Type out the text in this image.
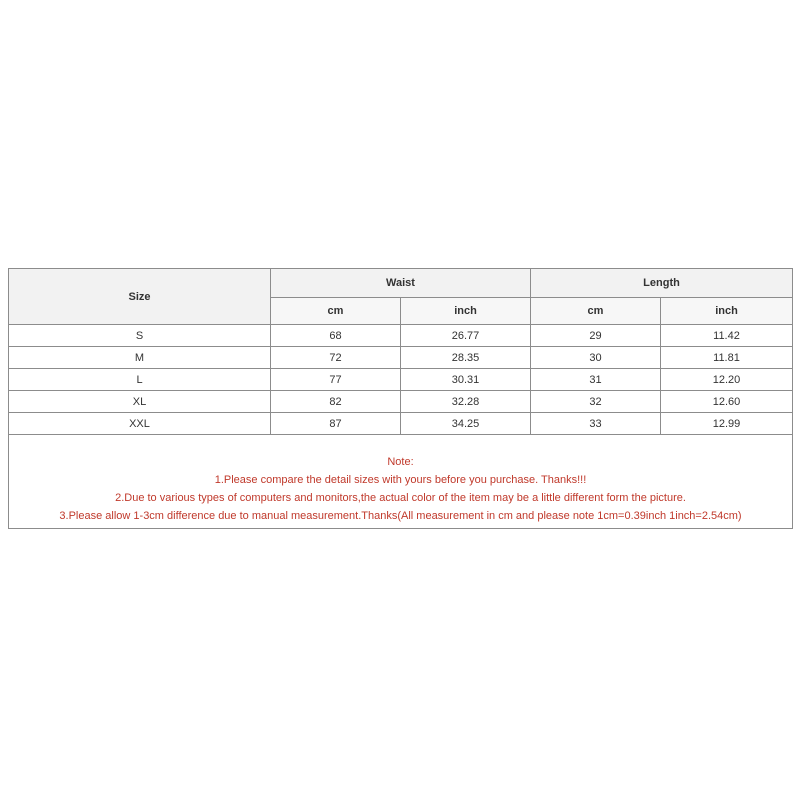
Size	Waist		Length	
	cm	inch	cm	inch
S	68	26.77	29	11.42
M	72	28.35	30	11.81
L	77	30.31	31	12.20
XL	82	32.28	32	12.60
XXL	87	34.25	33	12.99

Note:
1.Please compare the detail sizes with yours before you purchase. Thanks!!!
2.Due to various types of computers and monitors,the actual color of the item may be a little different form the picture.
3.Please allow 1-3cm difference due to manual measurement.Thanks(All measurement in cm and please note 1cm=0.39inch 1inch=2.54cm)				
